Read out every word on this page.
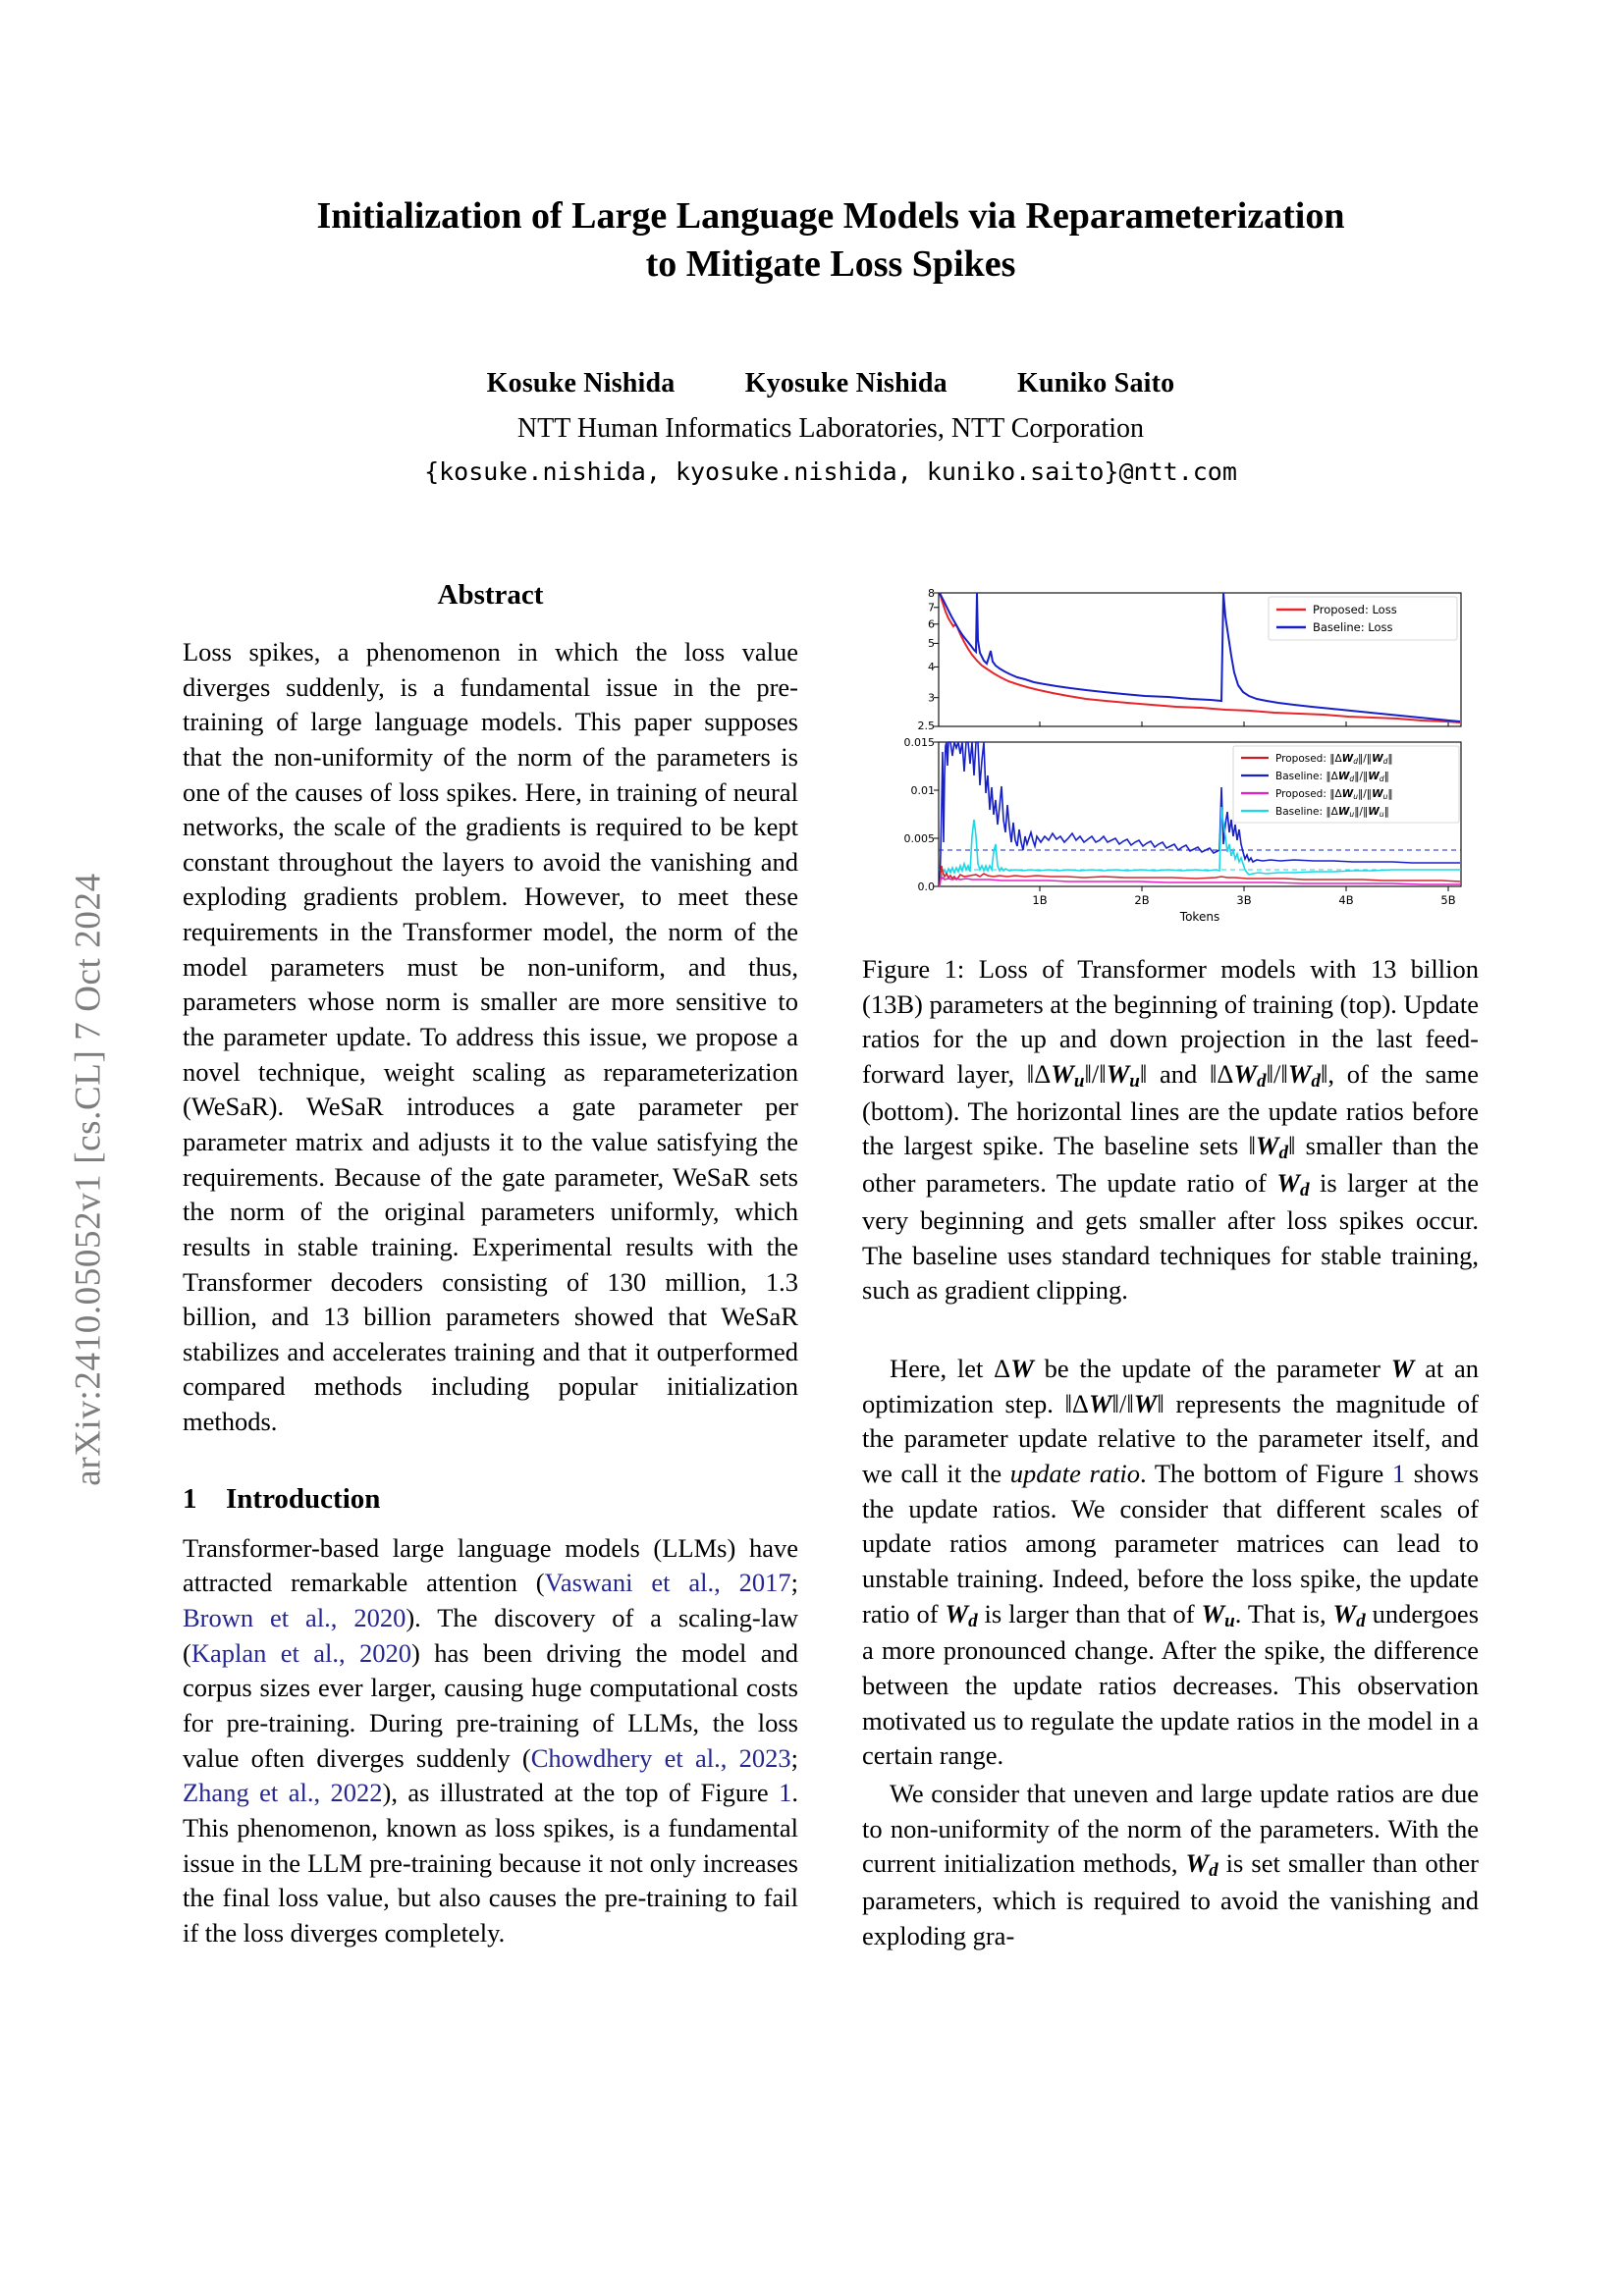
arXiv:2410.05052v1 [cs.CL] 7 Oct 2024
Initialization of Large Language Models via Reparameterization
to Mitigate Loss Spikes
Kosuke Nishida	Kyosuke Nishida	Kuniko Saito
NTT Human Informatics Laboratories, NTT Corporation
{kosuke.nishida, kyosuke.nishida, kuniko.saito}@ntt.com
Abstract

Loss spikes, a phenomenon in which the loss value diverges suddenly, is a fundamental issue in the pre-training of large language models. This paper supposes that the non-uniformity of the norm of the parameters is one of the causes of loss spikes. Here, in training of neural networks, the scale of the gradients is required to be kept constant throughout the layers to avoid the vanishing and exploding gradients problem. However, to meet these requirements in the Transformer model, the norm of the model parameters must be non-uniform, and thus, parameters whose norm is smaller are more sensitive to the parameter update. To address this issue, we propose a novel technique, weight scaling as reparameterization (WeSaR). WeSaR introduces a gate parameter per parameter matrix and adjusts it to the value satisfying the requirements. Because of the gate parameter, WeSaR sets the norm of the original parameters uniformly, which results in stable training. Experimental results with the Transformer decoders consisting of 130 million, 1.3 billion, and 13 billion parameters showed that WeSaR stabilizes and accelerates training and that it outperformed compared methods including popular initialization methods.

1 Introduction

Transformer-based large language models (LLMs) have attracted remarkable attention (Vaswani et al., 2017; Brown et al., 2020). The discovery of a scaling-law (Kaplan et al., 2020) has been driving the model and corpus sizes ever larger, causing huge computational costs for pre-training. During pre-training of LLMs, the loss value often diverges suddenly (Chowdhery et al., 2023; Zhang et al., 2022), as illustrated at the top of Figure 1. This phenomenon, known as loss spikes, is a fundamental issue in the LLM pre-training because it not only increases the final loss value, but also causes the pre-training to fail if the loss diverges completely.

8
7
6
5
4
3
2.5
Proposed: Loss
Baseline: Loss
0.015
0.01
0.005
0.0
1B	2B	3B	4B	5B
Tokens
Proposed: ‖ΔWd‖/‖Wd‖
Baseline: ‖ΔWd‖/‖Wd‖
Proposed: ‖ΔWu‖/‖Wu‖
Baseline: ‖ΔWu‖/‖Wu‖
Figure 1: Loss of Transformer models with 13 billion (13B) parameters at the beginning of training (top). Update ratios for the up and down projection in the last feed-forward layer, ‖ΔWu‖/‖Wu‖ and ‖ΔWd‖/‖Wd‖, of the same (bottom). The horizontal lines are the update ratios before the largest spike. The baseline sets ‖Wd‖ smaller than the other parameters. The update ratio of Wd is larger at the very beginning and gets smaller after loss spikes occur. The baseline uses standard techniques for stable training, such as gradient clipping.

Here, let ΔW be the update of the parameter W at an optimization step. ‖ΔW‖/‖W‖ represents the magnitude of the parameter update relative to the parameter itself, and we call it the update ratio. The bottom of Figure 1 shows the update ratios. We consider that different scales of update ratios among parameter matrices can lead to unstable training. Indeed, before the loss spike, the update ratio of Wd is larger than that of Wu. That is, Wd undergoes a more pronounced change. After the spike, the difference between the update ratios decreases. This observation motivated us to regulate the update ratios in the model in a certain range.

We consider that uneven and large update ratios are due to non-uniformity of the norm of the parameters. With the current initialization methods, Wd is set smaller than other parameters, which is required to avoid the vanishing and exploding gra-
